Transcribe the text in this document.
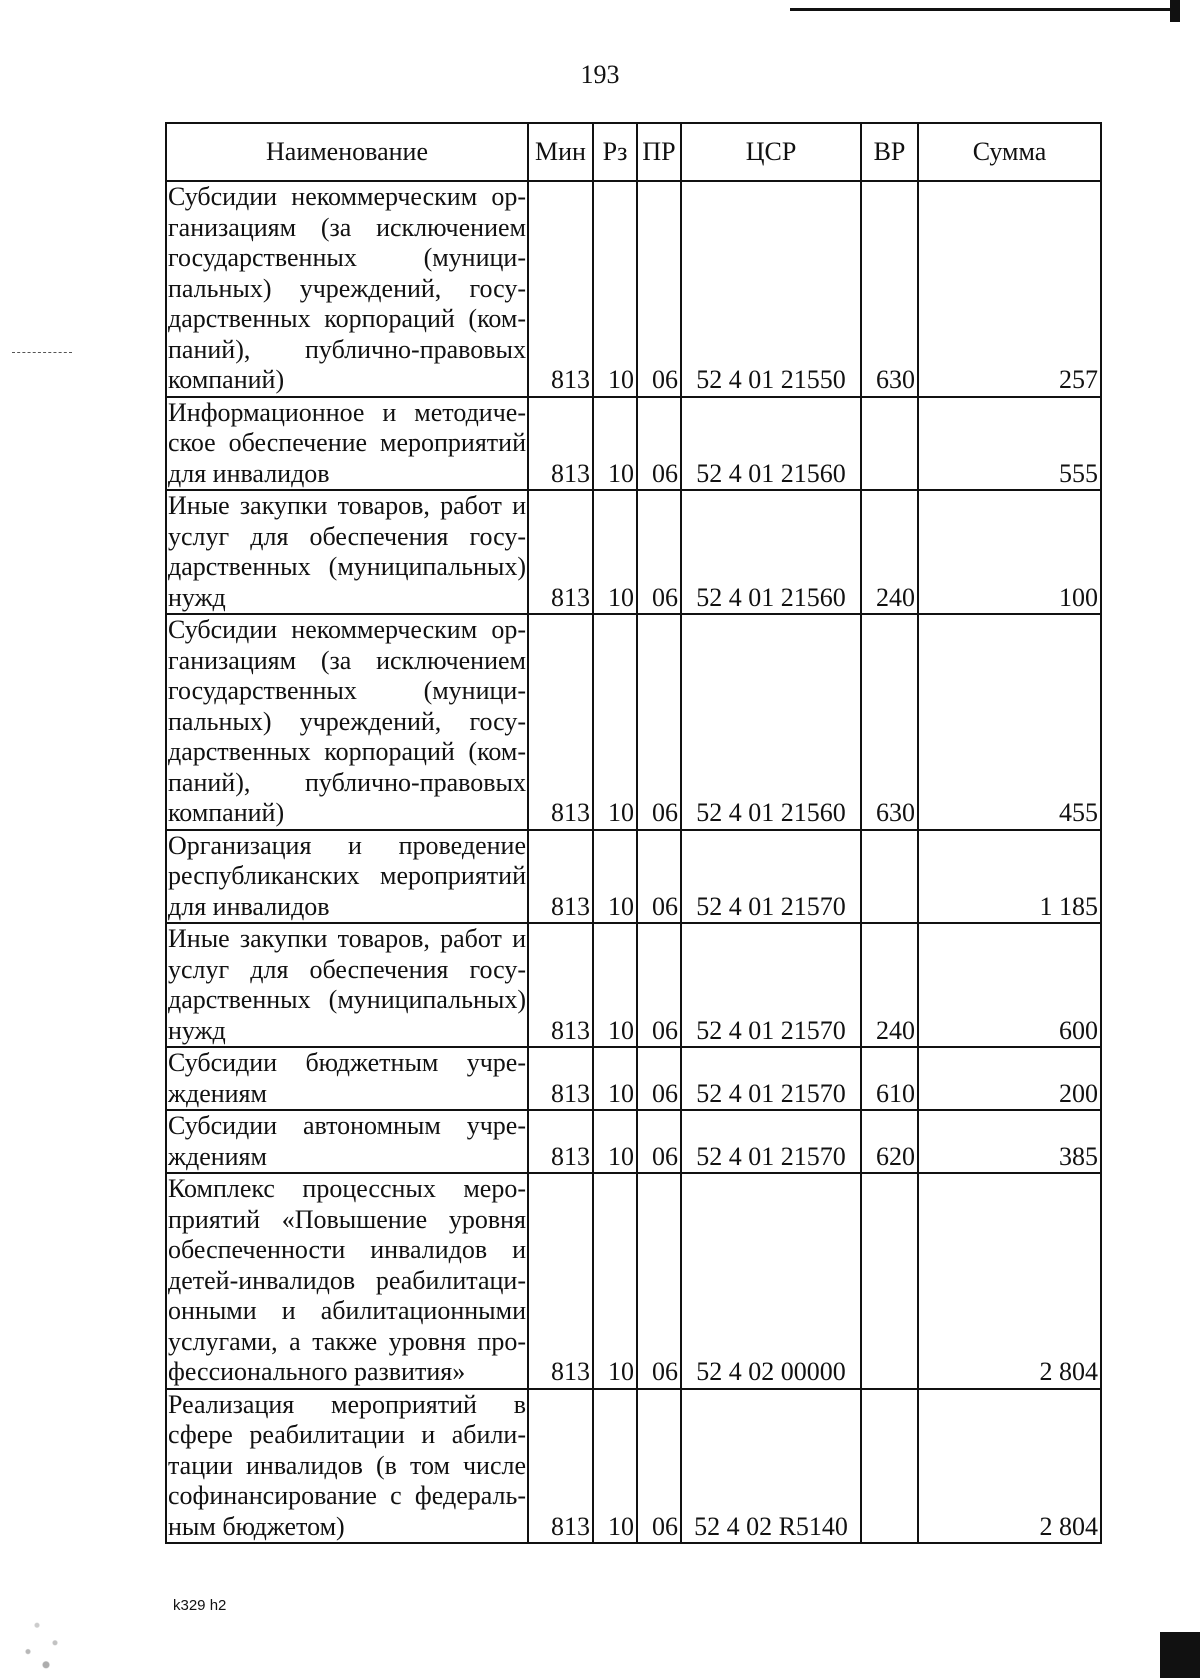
193
Наименование	Мин	Рз	ПР	ЦСР	ВР	Сумма
Субсидии некоммерческим ор-ганизациям (за исключением государственных (муници-пальных) учреждений, госу-дарственных корпораций (ком-паний), публично-правовых компаний)	813	10	06	52 4 01 21550	630	257
Информационное и методиче-ское обеспечение мероприятий для инвалидов	813	10	06	52 4 01 21560		555
Иные закупки товаров, работ и услуг для обеспечения госу-дарственных (муниципальных) нужд	813	10	06	52 4 01 21560	240	100
Субсидии некоммерческим ор-ганизациям (за исключением государственных (муници-пальных) учреждений, госу-дарственных корпораций (ком-паний), публично-правовых компаний)	813	10	06	52 4 01 21560	630	455
Организация и проведение республиканских мероприятий для инвалидов	813	10	06	52 4 01 21570		1 185
Иные закупки товаров, работ и услуг для обеспечения госу-дарственных (муниципальных) нужд	813	10	06	52 4 01 21570	240	600
Субсидии бюджетным учре-ждениям	813	10	06	52 4 01 21570	610	200
Субсидии автономным учре-ждениям	813	10	06	52 4 01 21570	620	385
Комплекс процессных меро-приятий «Повышение уровня обеспеченности инвалидов и детей-инвалидов реабилитаци-онными и абилитационными услугами, а также уровня про-фессионального развития»	813	10	06	52 4 02 00000		2 804
Реализация мероприятий в сфере реабилитации и абили-тации инвалидов (в том числе софинансирование с федераль-ным бюджетом)	813	10	06	52 4 02 R5140		2 804
k329 h2
